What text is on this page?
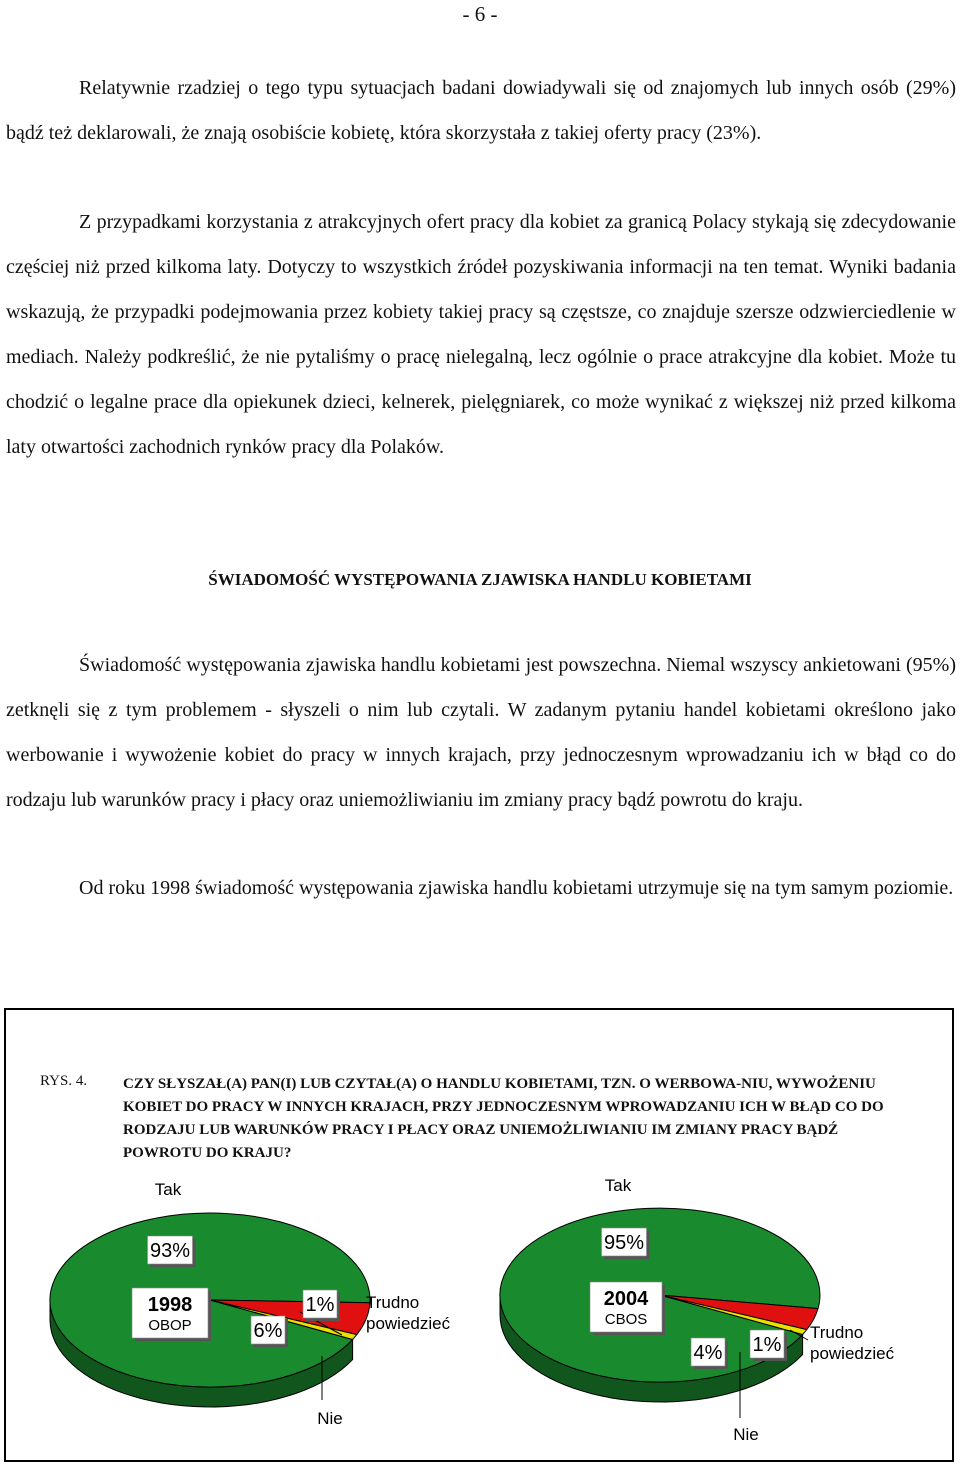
- 6 -

Relatywnie rzadziej o tego typu sytuacjach badani dowiadywali się od znajomych lub innych osób (29%) bądź też deklarowali, że znają osobiście kobietę, która skorzystała z takiej oferty pracy (23%).

Z przypadkami korzystania z atrakcyjnych ofert pracy dla kobiet za granicą Polacy stykają się zdecydowanie częściej niż przed kilkoma laty. Dotyczy to wszystkich źródeł pozyskiwania informacji na ten temat. Wyniki badania wskazują, że przypadki podejmowania przez kobiety takiej pracy są częstsze, co znajduje szersze odzwierciedlenie w mediach. Należy podkreślić, że nie pytaliśmy o pracę nielegalną, lecz ogólnie o prace atrakcyjne dla kobiet. Może tu chodzić o legalne prace dla opiekunek dzieci, kelnerek, pielęgniarek, co może wynikać z większej niż przed kilkoma laty otwartości zachodnich rynków pracy dla Polaków.

ŚWIADOMOŚĆ WYSTĘPOWANIA ZJAWISKA HANDLU KOBIETAMI

Świadomość występowania zjawiska handlu kobietami jest powszechna. Niemal wszyscy ankietowani (95%) zetknęli się z tym problemem - słyszeli o nim lub czytali. W zadanym pytaniu handel kobietami określono jako werbowanie i wywożenie kobiet do pracy w innych krajach, przy jednoczesnym wprowadzaniu ich w błąd co do rodzaju lub warunków pracy i płacy oraz uniemożliwianiu im zmiany pracy bądź powrotu do kraju.

Od roku 1998 świadomość występowania zjawiska handlu kobietami utrzymuje się na tym samym poziomie.

RYS. 4. CZY SŁYSZAŁ(A) PAN(I) LUB CZYTAŁ(A) O HANDLU KOBIETAMI, TZN. O WERBOWA-NIU, WYWOŻENIU KOBIET DO PRACY W INNYCH KRAJACH, PRZY JEDNOCZESNYM WPROWADZANIU ICH W BŁĄD CO DO RODZAJU LUB WARUNKÓW PRACY I PŁACY ORAZ UNIEMOŻLIWIANIU IM ZMIANY PRACY BĄDŹ POWROTU DO KRAJU?

93%
6%
1%
1998
OBOP
Tak
Nie
Trudno
powiedzieć
95%
4% 1%
2004
CBOS
Tak
Nie
Trudno
powiedzieć
